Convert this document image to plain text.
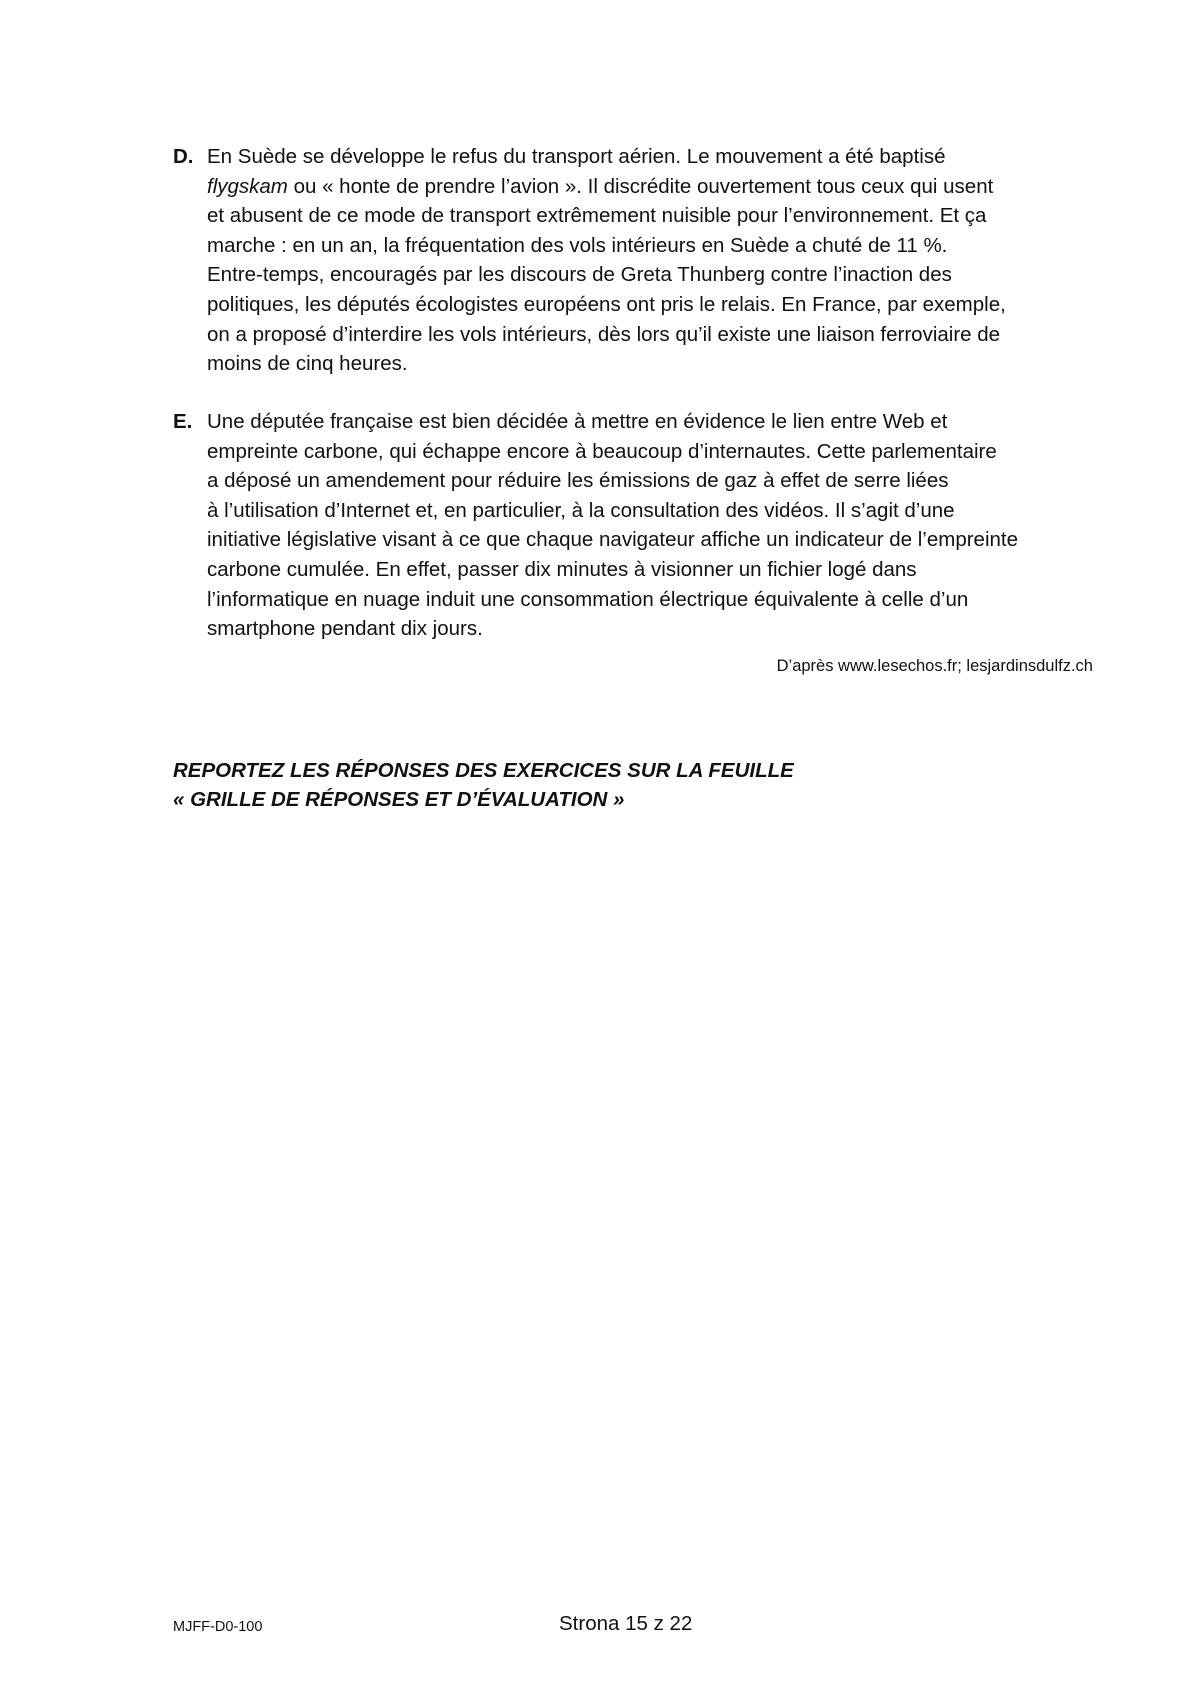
D. En Suède se développe le refus du transport aérien. Le mouvement a été baptisé
flygskam ou « honte de prendre l’avion ». Il discrédite ouvertement tous ceux qui usent
et abusent de ce mode de transport extrêmement nuisible pour l’environnement. Et ça
marche : en un an, la fréquentation des vols intérieurs en Suède a chuté de 11 %.
Entre-temps, encouragés par les discours de Greta Thunberg contre l’inaction des
politiques, les députés écologistes européens ont pris le relais. En France, par exemple,
on a proposé d’interdire les vols intérieurs, dès lors qu’il existe une liaison ferroviaire de
moins de cinq heures.
E. Une députée française est bien décidée à mettre en évidence le lien entre Web et
empreinte carbone, qui échappe encore à beaucoup d’internautes. Cette parlementaire
a déposé un amendement pour réduire les émissions de gaz à effet de serre liées
à l’utilisation d’Internet et, en particulier, à la consultation des vidéos. Il s’agit d’une
initiative législative visant à ce que chaque navigateur affiche un indicateur de l’empreinte
carbone cumulée. En effet, passer dix minutes à visionner un fichier logé dans
l’informatique en nuage induit une consommation électrique équivalente à celle d’un
smartphone pendant dix jours.
D’après www.lesechos.fr; lesjardinsdulfz.ch
REPORTEZ LES RÉPONSES DES EXERCICES SUR LA FEUILLE
« GRILLE DE RÉPONSES ET D’ÉVALUATION »
MJFF-D0-100	Strona 15 z 22
